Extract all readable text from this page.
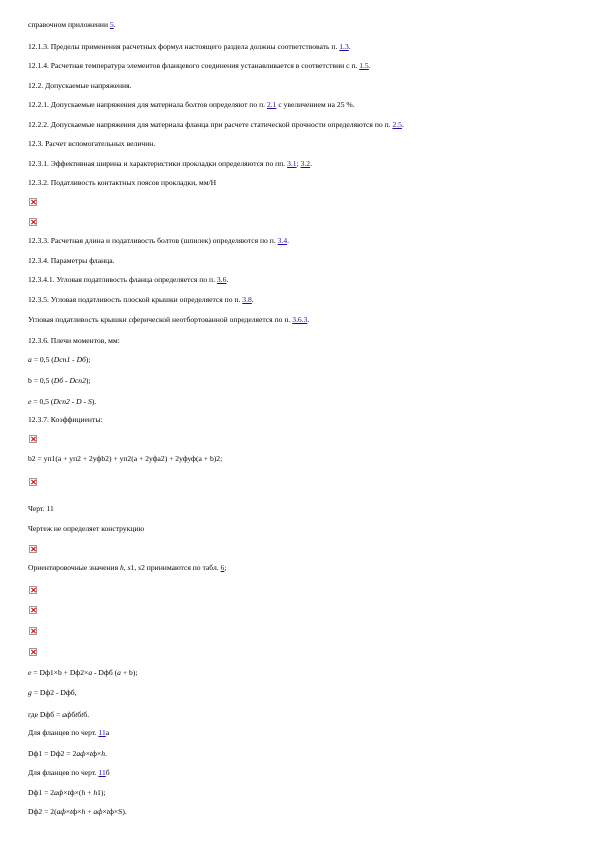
справочном приложении 5.
12.1.3. Пределы применения расчетных формул настоящего раздела должны соответствовать п. 1.3.
12.1.4. Расчетная температура элементов фланцевого соединения устанавливается в соответствии с п. 1.5.
12.2. Допускаемые напряжения.
12.2.1. Допускаемые напряжения для материала болтов определяют по п. 2.1 с увеличением на 25 %.
12.2.2. Допускаемые напряжения для материала фланца при расчете статической прочности определяются по п. 2.5.
12.3. Расчет вспомогательных величин.
12.3.1. Эффективная ширина и характеристики прокладки определяются по пп. 3.1; 3.2.
12.3.2. Податливость контактных поясов прокладки, мм/Н
12.3.3. Расчетная длина и податливость болтов (шпилек) определяются по п. 3.4.
12.3.4. Параметры фланца.
12.3.4.1. Угловая податливость фланца определяется по п. 3.6.
12.3.5. Угловая податливость плоской крышки определяется по п. 3.8.
Угловая податливость крышки сферической неотбортованной определяется по п. 3.6.3.
12.3.6. Плечи моментов, мм:
а = 0,5 (Dсп1 - Dб);
b = 0,5 (Dб - Dсп2);
е = 0,5 (Dсп2 - D - S).
12.3.7. Коэффициенты:
b2 = уп1(а + уп2 + 2уфb2) + уп2(а + 2уфа2) + 2уфуф(а + b)2;
Черт. 11
Чертеж не определяет конструкцию
Ориентировочные значения h, s1, s2 принимаются по табл. 6;
е = Dф1×b + Dф2×а - Dфб (а + b);
g = Dф2 - Dфб,
где Dфб = афбtбtб.
Для фланцев по черт. 11а
Dф1 = Dф2 = 2аф×tф×h.
Для фланцев по черт. 11б
Dф1 = 2аф×tф×(h + h1);
Dф2 = 2(аф×tф×h + аф×tф×S).
